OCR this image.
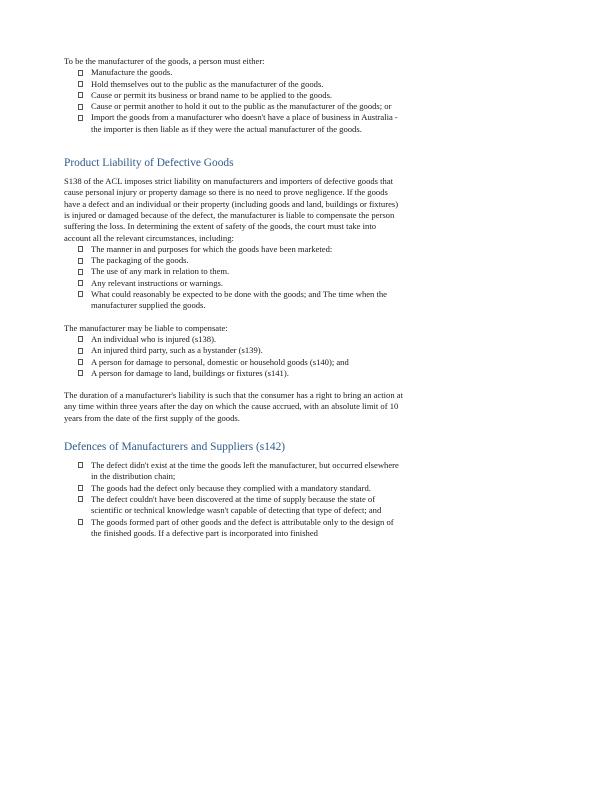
To be the manufacturer of the goods, a person must either:

Manufacture the goods.
Hold themselves out to the public as the manufacturer of the goods.
Cause or permit its business or brand name to be applied to the goods.
Cause or permit another to hold it out to the public as the manufacturer of the goods; or
Import the goods from a manufacturer who doesn't have a place of business in Australia - the importer is then liable as if they were the actual manufacturer of the goods.
Product Liability of Defective Goods

S138 of the ACL imposes strict liability on manufacturers and importers of defective goods that cause personal injury or property damage so there is no need to prove negligence. If the goods have a defect and an individual or their property (including goods and land, buildings or fixtures) is injured or damaged because of the defect, the manufacturer is liable to compensate the person suffering the loss. In determining the extent of safety of the goods, the court must take into account all the relevant circumstances, including:

The manner in and purposes for which the goods have been marketed:
The packaging of the goods.
The use of any mark in relation to them.
Any relevant instructions or warnings.
What could reasonably be expected to be done with the goods; and The time when the manufacturer supplied the goods.

The manufacturer may be liable to compensate:

An individual who is injured (s138).
An injured third party, such as a bystander (s139).
A person for damage to personal, domestic or household goods (s140); and
A person for damage to land, buildings or fixtures (s141).

The duration of a manufacturer's liability is such that the consumer has a right to bring an action at any time within three years after the day on which the cause accrued, with an absolute limit of 10 years from the date of the first supply of the goods.

Defences of Manufacturers and Suppliers (s142)
The defect didn't exist at the time the goods left the manufacturer, but occurred elsewhere in the distribution chain;
The goods had the defect only because they complied with a mandatory standard.
The defect couldn't have been discovered at the time of supply because the state of scientific or technical knowledge wasn't capable of detecting that type of defect; and
The goods formed part of other goods and the defect is attributable only to the design of the finished goods. If a defective part is incorporated into finished
